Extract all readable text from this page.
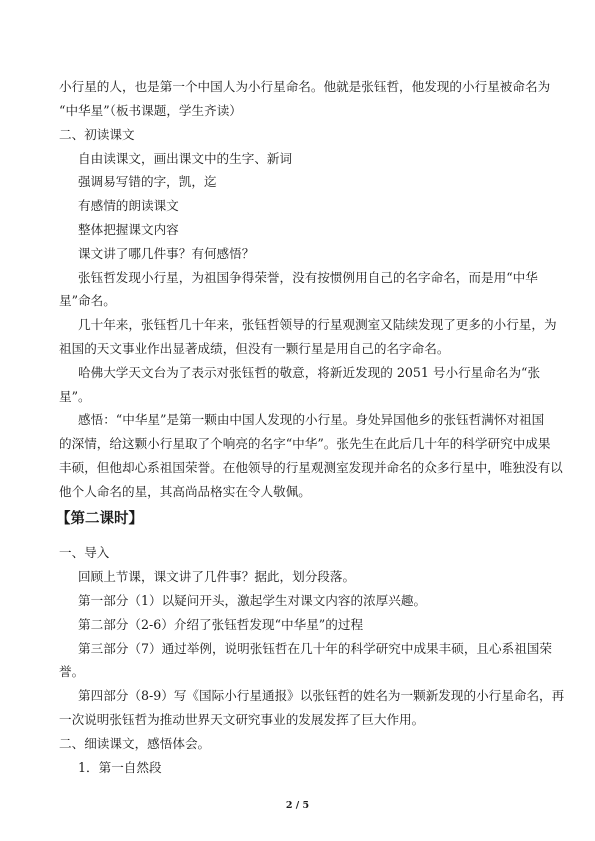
小行星的人，也是第一个中国人为小行星命名。他就是张钰哲，他发现的小行星被命名为

“中华星”（板书课题，学生齐读）

二、初读课文

自由读课文，画出课文中的生字、新词

强调易写错的字，凯，迄

有感情的朗读课文

整体把握课文内容

课文讲了哪几件事？有何感悟？

张钰哲发现小行星，为祖国争得荣誉，没有按惯例用自己的名字命名，而是用“中华

星”命名。

几十年来，张钰哲几十年来，张钰哲领导的行星观测室又陆续发现了更多的小行星，为

祖国的天文事业作出显著成绩，但没有一颗行星是用自己的名字命名。

哈佛大学天文台为了表示对张钰哲的敬意，将新近发现的 2051 号小行星命名为“张

星”。

感悟：“中华星”是第一颗由中国人发现的小行星。身处异国他乡的张钰哲满怀对祖国

的深情，给这颗小行星取了个响亮的名字“中华”。张先生在此后几十年的科学研究中成果

丰硕，但他却心系祖国荣誉。在他领导的行星观测室发现并命名的众多行星中，唯独没有以

他个人命名的星，其高尚品格实在令人敬佩。

【第二课时】

一、导入

回顾上节课，课文讲了几件事？据此，划分段落。

第一部分（1）以疑问开头，激起学生对课文内容的浓厚兴趣。

第二部分（2-6）介绍了张钰哲发现“中华星”的过程

第三部分（7）通过举例，说明张钰哲在几十年的科学研究中成果丰硕，且心系祖国荣

誉。

第四部分（8-9）写《国际小行星通报》以张钰哲的姓名为一颗新发现的小行星命名，再

一次说明张钰哲为推动世界天文研究事业的发展发挥了巨大作用。

二、细读课文，感悟体会。

1．第一自然段

2 / 5
